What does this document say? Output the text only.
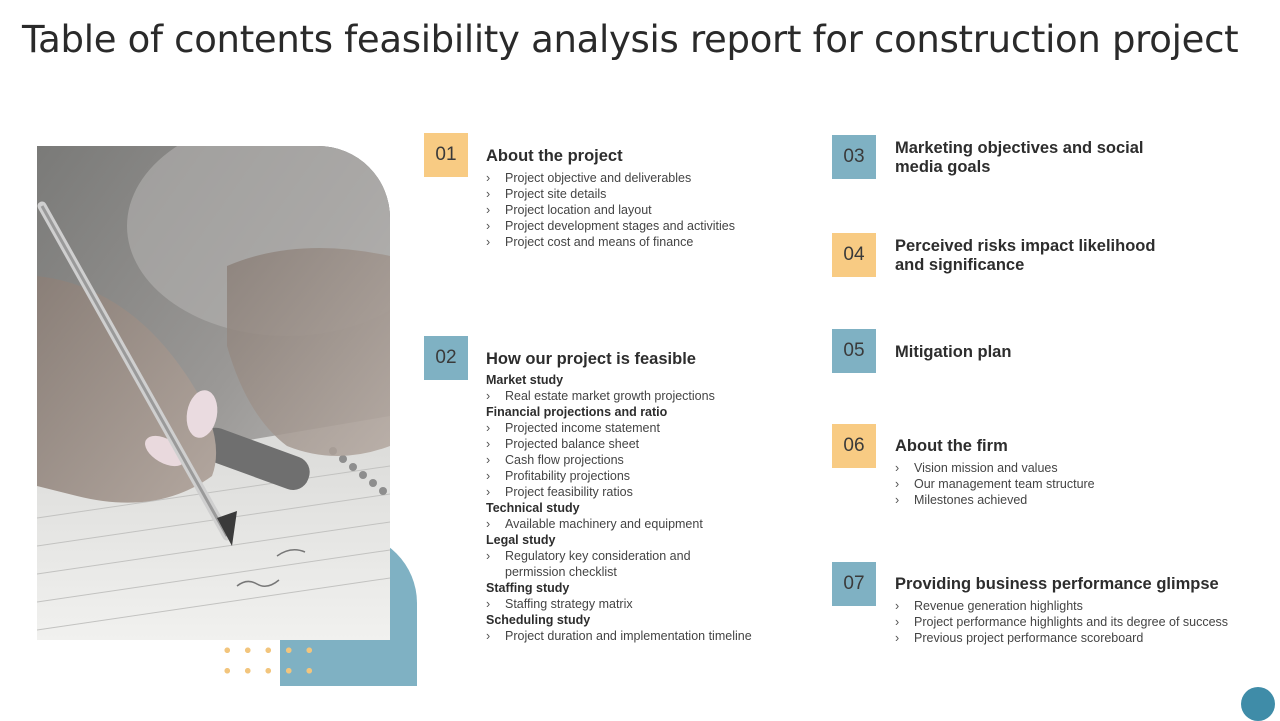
Table of contents feasibility analysis report for construction project
01	About the project
› Project objective and deliverables
› Project site details
› Project location and layout
› Project development stages and activities
› Project cost and means of finance
02	How our project is feasible
Market study
› Real estate market growth projections
Financial projections and ratio
› Projected income statement
› Projected balance sheet
› Cash flow projections
› Profitability projections
› Project feasibility ratios
Technical study
› Available machinery and equipment
Legal study
› Regulatory key consideration and permission checklist
Staffing study
› Staffing strategy matrix
Scheduling study
› Project duration and implementation timeline
03	Marketing objectives and social
media goals
04	Perceived risks impact likelihood
and significance
05	Mitigation plan
06	About the firm
› Vision mission and values
› Our management team structure
› Milestones achieved
07	Providing business performance glimpse
› Revenue generation highlights
› Project performance highlights and its degree of success
› Previous project performance scoreboard
